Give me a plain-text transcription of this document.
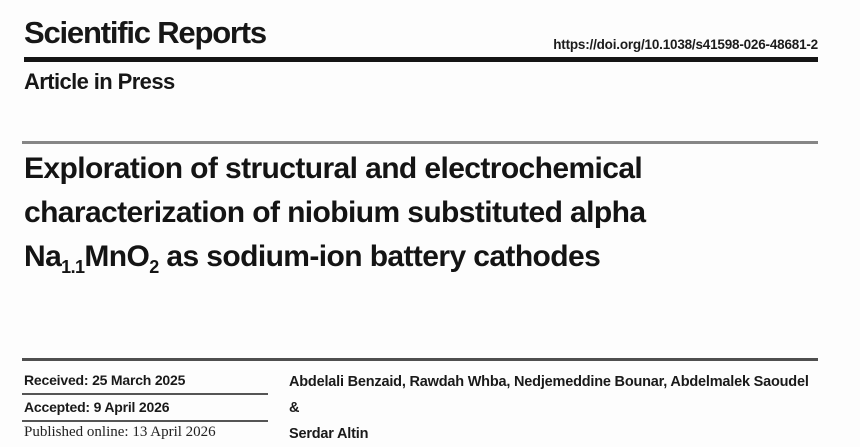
Scientific Reports	https://doi.org/10.1038/s41598-026-48681-2
Article in Press
Exploration of structural and electrochemical
characterization of niobium substituted alpha
$Na_{1.1}MnO_2$ as sodium-ion battery cathodes
Received: 25 March 2025
Accepted: 9 April 2026
Published online: 13 April 2026
Abdelali Benzaid, Rawdah Whba, Nedjemeddine Bounar, Abdelmalek Saoudel &
Serdar Altin
